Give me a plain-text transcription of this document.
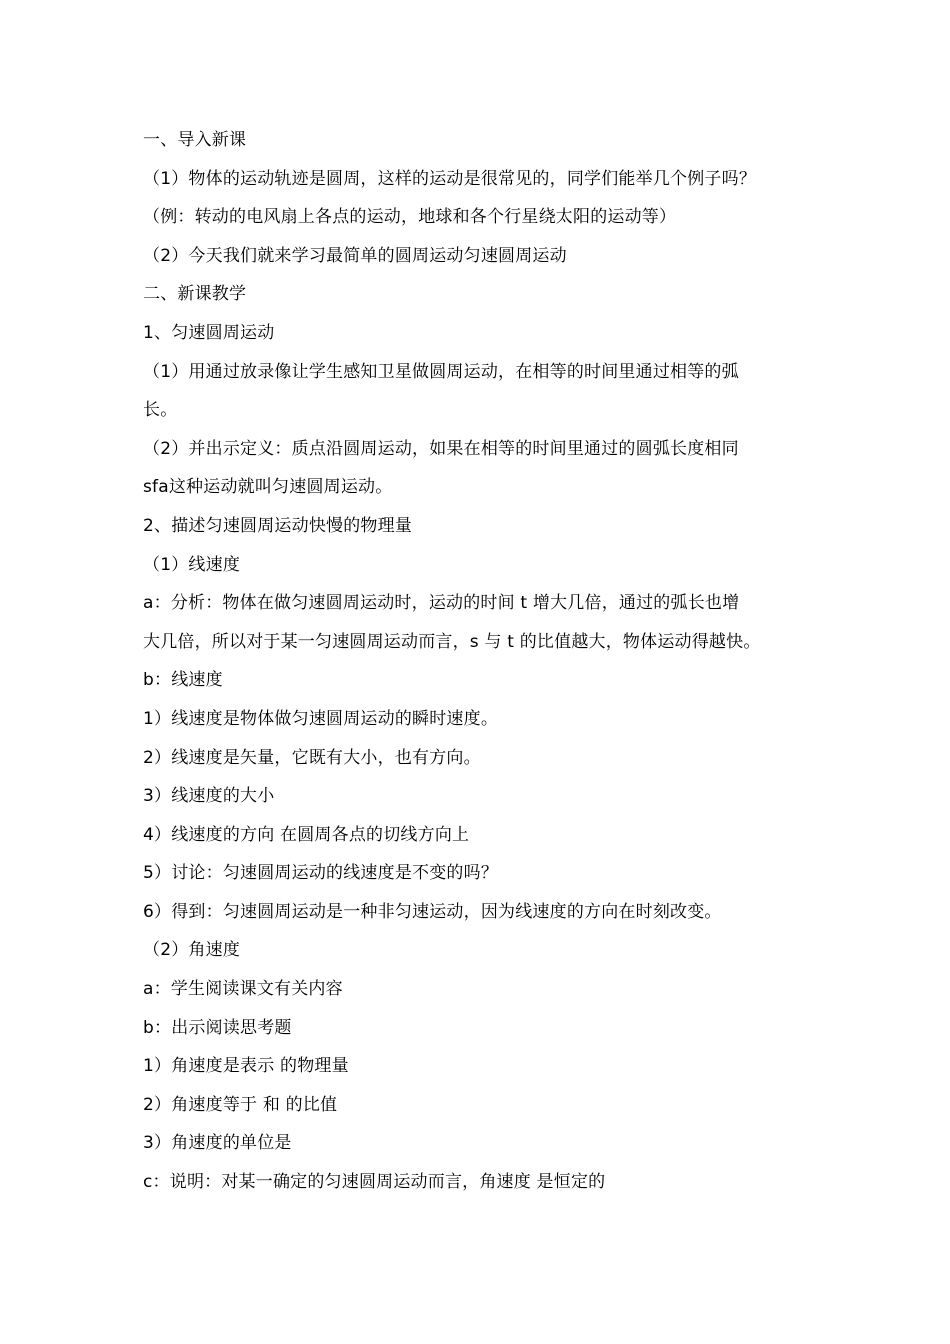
一、导入新课
（1）物体的运动轨迹是圆周，这样的运动是很常见的，同学们能举几个例子吗？
（例：转动的电风扇上各点的运动，地球和各个行星绕太阳的运动等）
（2）今天我们就来学习最简单的圆周运动匀速圆周运动
二、新课教学
1、匀速圆周运动
（1）用通过放录像让学生感知卫星做圆周运动，在相等的时间里通过相等的弧
长。
（2）并出示定义：质点沿圆周运动，如果在相等的时间里通过的圆弧长度相同
sfa这种运动就叫匀速圆周运动。
2、描述匀速圆周运动快慢的物理量
（1）线速度
a：分析：物体在做匀速圆周运动时，运动的时间 t 增大几倍，通过的弧长也增
大几倍，所以对于某一匀速圆周运动而言，s 与 t 的比值越大，物体运动得越快。
b：线速度
1）线速度是物体做匀速圆周运动的瞬时速度。
2）线速度是矢量，它既有大小，也有方向。
3）线速度的大小
4）线速度的方向 在圆周各点的切线方向上
5）讨论：匀速圆周运动的线速度是不变的吗？
6）得到：匀速圆周运动是一种非匀速运动，因为线速度的方向在时刻改变。
（2）角速度
a：学生阅读课文有关内容
b：出示阅读思考题
1）角速度是表示 的物理量
2）角速度等于 和 的比值
3）角速度的单位是
c：说明：对某一确定的匀速圆周运动而言，角速度 是恒定的
